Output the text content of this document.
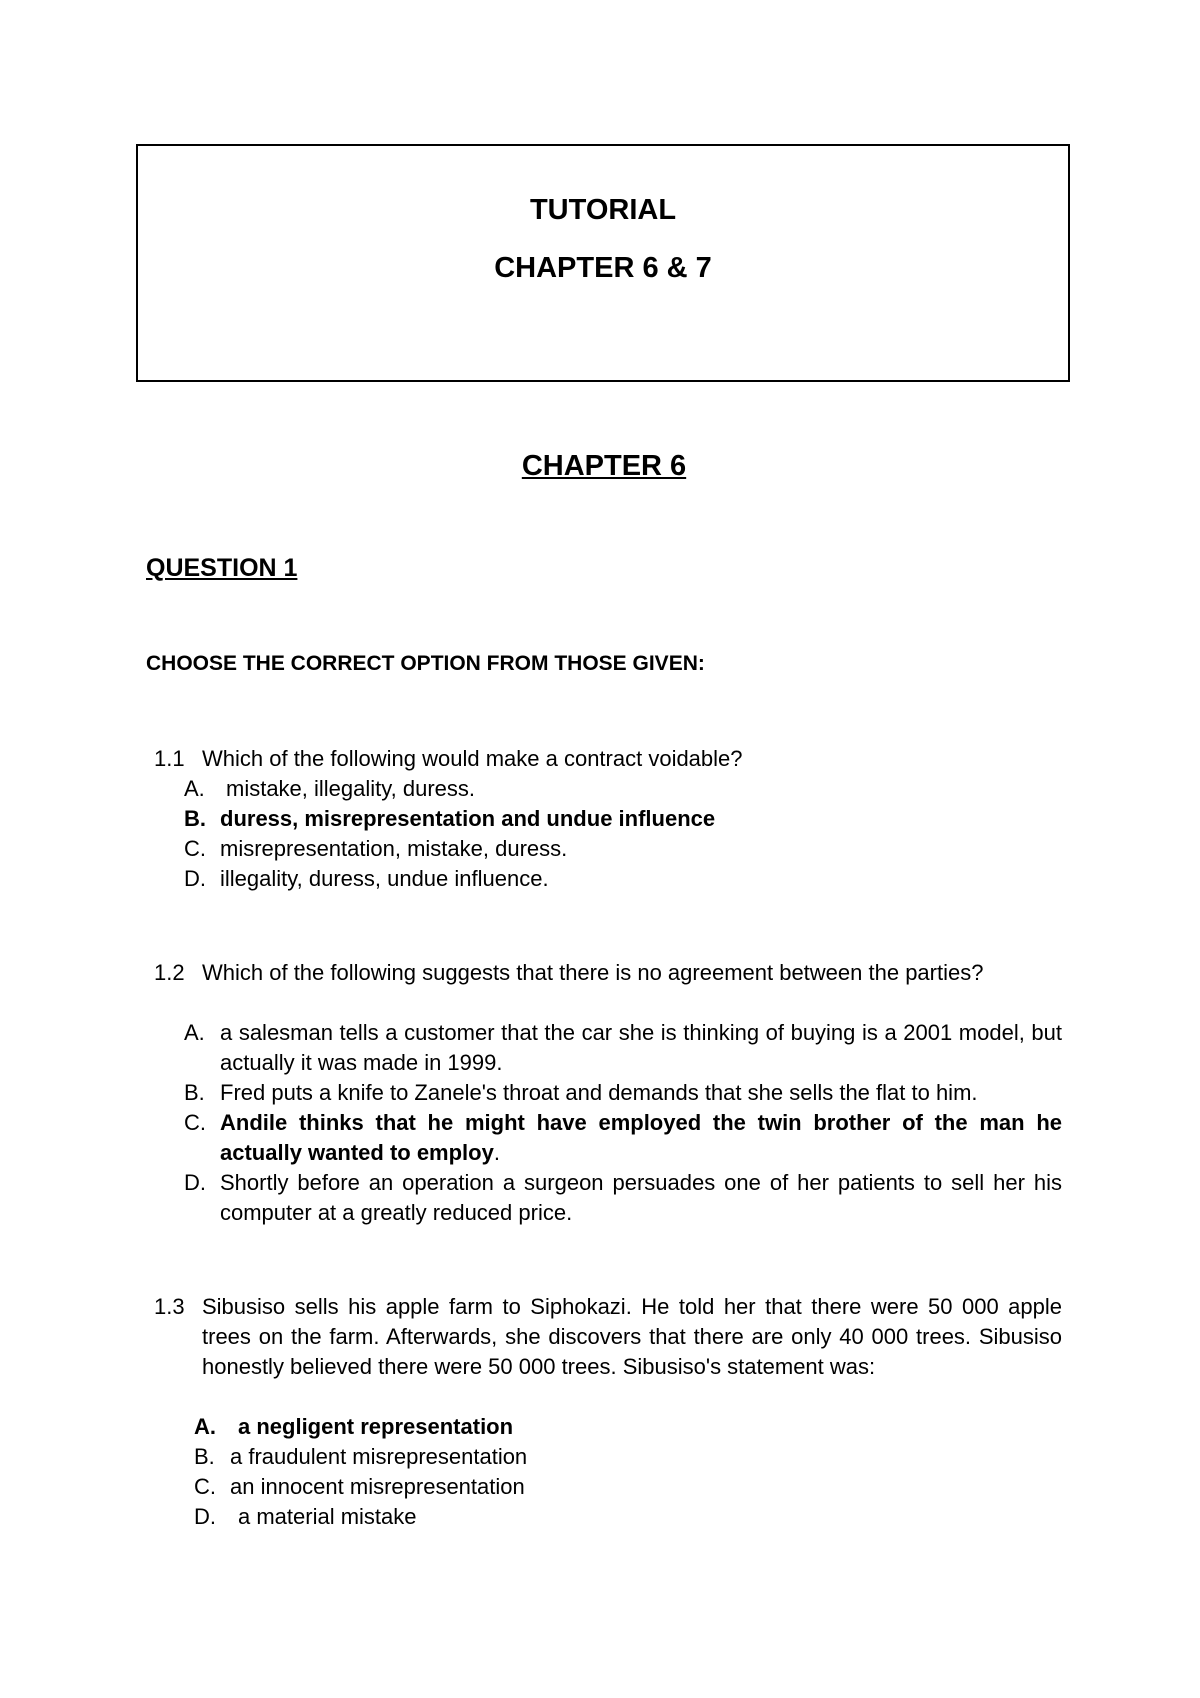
TUTORIAL
CHAPTER 6 & 7
CHAPTER 6
QUESTION 1
CHOOSE THE CORRECT OPTION FROM THOSE GIVEN:
1.1 Which of the following would make a contract voidable?
A. mistake, illegality, duress.
B. duress, misrepresentation and undue influence
C. misrepresentation, mistake, duress.
D. illegality, duress, undue influence.
1.2 Which of the following suggests that there is no agreement between the parties?
A. a salesman tells a customer that the car she is thinking of buying is a 2001 model, but actually it was made in 1999.
B. Fred puts a knife to Zanele's throat and demands that she sells the flat to him.
C. Andile thinks that he might have employed the twin brother of the man he actually wanted to employ.
D. Shortly before an operation a surgeon persuades one of her patients to sell her his computer at a greatly reduced price.
1.3 Sibusiso sells his apple farm to Siphokazi. He told her that there were 50 000 apple trees on the farm. Afterwards, she discovers that there are only 40 000 trees. Sibusiso honestly believed there were 50 000 trees. Sibusiso's statement was:
A. a negligent representation
B. a fraudulent misrepresentation
C. an innocent misrepresentation
D. a material mistake
